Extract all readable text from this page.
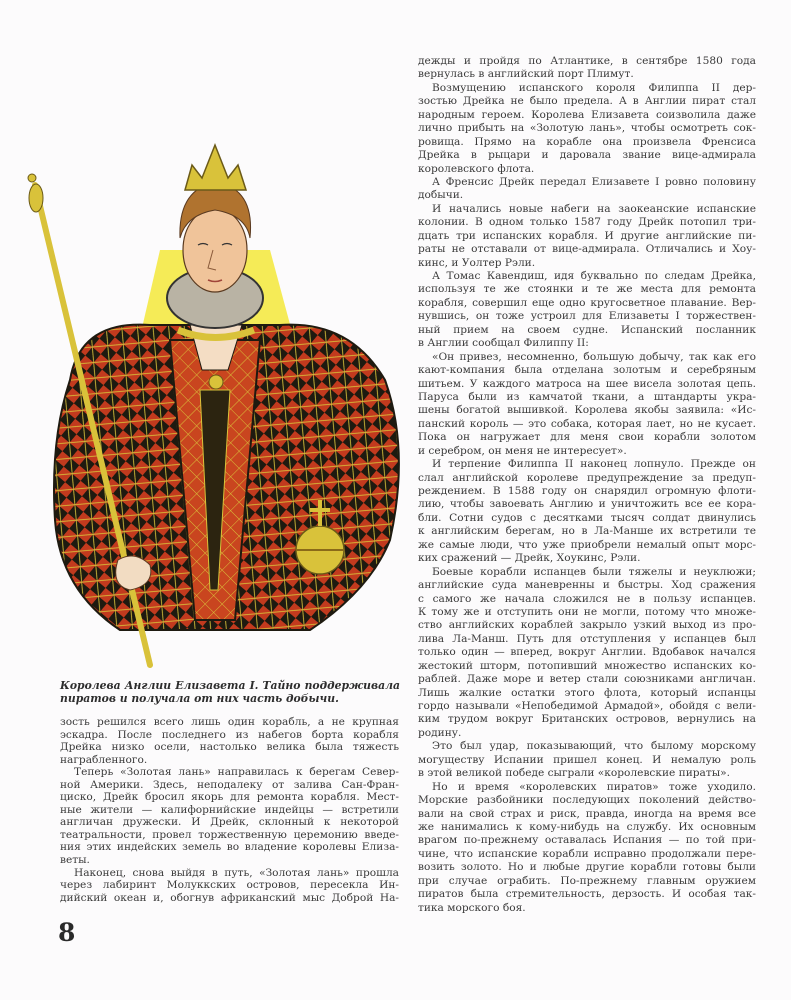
Королева Англии Елизавета I. Тайно поддерживала
пиратов и получала от них часть добычи.
зость решился всего лишь один корабль, а не крупная
эскадра. После последнего из набегов борта корабля
Дрейка низко осели, настолько велика была тяжесть
награбленного.
Теперь «Золотая лань» направилась к берегам Север-
ной Америки. Здесь, неподалеку от залива Сан-Фран-
циско, Дрейк бросил якорь для ремонта корабля. Мест-
ные жители — калифорнийские индейцы — встретили
англичан дружески. И Дрейк, склонный к некоторой
театральности, провел торжественную церемонию введе-
ния этих индейских земель во владение королевы Елиза-
веты.
Наконец, снова выйдя в путь, «Золотая лань» прошла
через лабиринт Молуккских островов, пересекла Ин-
дийский океан и, обогнув африканский мыс Доброй На-
дежды и пройдя по Атлантике, в сентябре 1580 года
вернулась в английский порт Плимут.
Возмущению испанского короля Филиппа II дер-
зостью Дрейка не было предела. А в Англии пират стал
народным героем. Королева Елизавета соизволила даже
лично прибыть на «Золотую лань», чтобы осмотреть сок-
ровища. Прямо на корабле она произвела Френсиса
Дрейка в рыцари и даровала звание вице-адмирала
королевского флота.
А Френсис Дрейк передал Елизавете I ровно половину
добычи.
И начались новые набеги на заокеанские испанские
колонии. В одном только 1587 году Дрейк потопил три-
дцать три испанских корабля. И другие английские пи-
раты не отставали от вице-адмирала. Отличались и Хоу-
кинс, и Уолтер Рэли.
А Томас Кавендиш, идя буквально по следам Дрейка,
используя те же стоянки и те же места для ремонта
корабля, совершил еще одно кругосветное плавание. Вер-
нувшись, он тоже устроил для Елизаветы I торжествен-
ный прием на своем судне. Испанский посланник
в Англии сообщал Филиппу II:
«Он привез, несомненно, большую добычу, так как его
кают-компания была отделана золотым и серебряным
шитьем. У каждого матроса на шее висела золотая цепь.
Паруса были из камчатой ткани, а штандарты укра-
шены богатой вышивкой. Королева якобы заявила: «Ис-
панский король — это собака, которая лает, но не кусает.
Пока он нагружает для меня свои корабли золотом
и серебром, он меня не интересует».
И терпение Филиппа II наконец лопнуло. Прежде он
слал английской королеве предупреждение за предуп-
реждением. В 1588 году он снарядил огромную флоти-
лию, чтобы завоевать Англию и уничтожить все ее кора-
бли. Сотни судов с десятками тысяч солдат двинулись
к английским берегам, но в Ла-Манше их встретили те
же самые люди, что уже приобрели немалый опыт морс-
ких сражений — Дрейк, Хоукинс, Рэли.
Боевые корабли испанцев были тяжелы и неуклюжи;
английские суда маневренны и быстры. Ход сражения
с самого же начала сложился не в пользу испанцев.
К тому же и отступить они не могли, потому что множе-
ство английских кораблей закрыло узкий выход из про-
лива Ла-Манш. Путь для отступления у испанцев был
только один — вперед, вокруг Англии. Вдобавок начался
жестокий шторм, потопивший множество испанских ко-
раблей. Даже море и ветер стали союзниками англичан.
Лишь жалкие остатки этого флота, который испанцы
гордо называли «Непобедимой Армадой», обойдя с вели-
ким трудом вокруг Британских островов, вернулись на
родину.
Это был удар, показывающий, что былому морскому
могуществу Испании пришел конец. И немалую роль
в этой великой победе сыграли «королевские пираты».
Но и время «королевских пиратов» тоже уходило.
Морские разбойники последующих поколений действо-
вали на свой страх и риск, правда, иногда на время все
же нанимались к кому-нибудь на службу. Их основным
врагом по-прежнему оставалась Испания — по той при-
чине, что испанские корабли исправно продолжали пере-
возить золото. Но и любые другие корабли готовы были
при случае ограбить. По-прежнему главным оружием
пиратов была стремительность, дерзость. И особая так-
тика морского боя.
8
